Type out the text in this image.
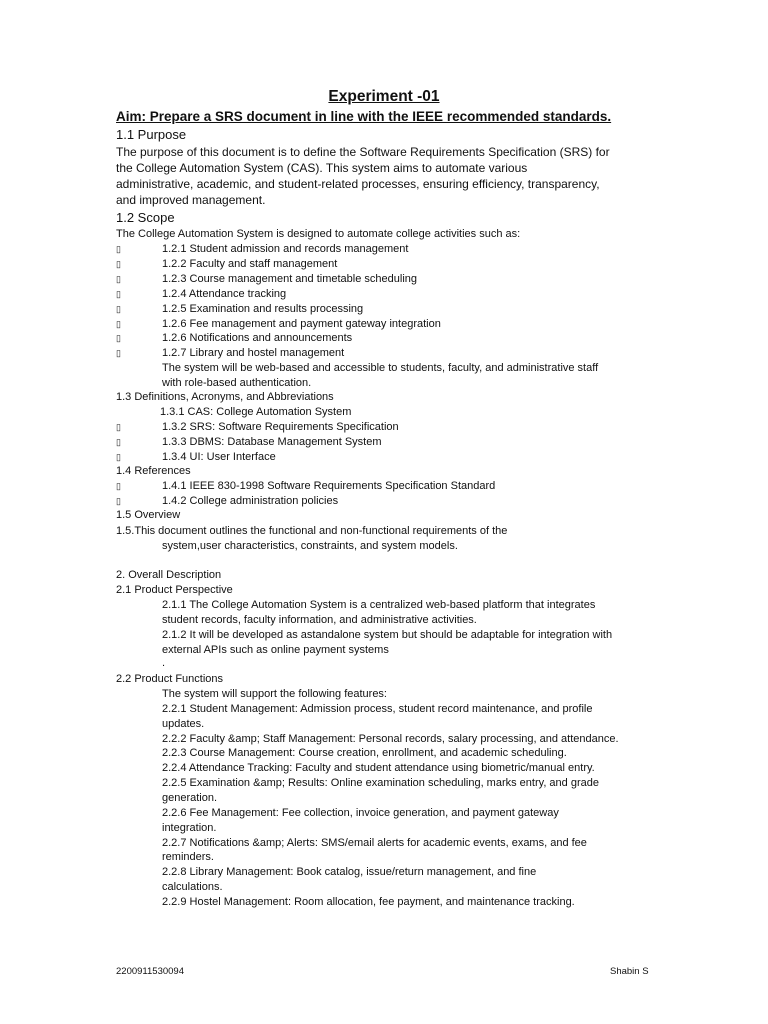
Experiment -01
Aim: Prepare a SRS document in line with the IEEE recommended standards.
1.1 Purpose
The purpose of this document is to define the Software Requirements Specification (SRS) for
the College Automation System (CAS). This system aims to automate various
administrative, academic, and student-related processes, ensuring efficiency, transparency,
and improved management.
1.2 Scope
The College Automation System is designed to automate college activities such as:
▯	1.2.1 Student admission and records management
▯	1.2.2 Faculty and staff management
▯	1.2.3 Course management and timetable scheduling
▯	1.2.4 Attendance tracking
▯	1.2.5 Examination and results processing
▯	1.2.6 Fee management and payment gateway integration
▯	1.2.6 Notifications and announcements
▯	1.2.7 Library and hostel management
The system will be web-based and accessible to students, faculty, and administrative staff
with role-based authentication.
1.3 Definitions, Acronyms, and Abbreviations
1.3.1 CAS: College Automation System
▯	1.3.2 SRS: Software Requirements Specification
▯	1.3.3 DBMS: Database Management System
▯	1.3.4 UI: User Interface
1.4 References
▯	1.4.1 IEEE 830-1998 Software Requirements Specification Standard
▯	1.4.2 College administration policies
1.5 Overview
1.5.This document outlines the functional and non-functional requirements of the
system,user characteristics, constraints, and system models.
2. Overall Description
2.1 Product Perspective
2.1.1 The College Automation System is a centralized web-based platform that integrates
student records, faculty information, and administrative activities.
2.1.2 It will be developed as astandalone system but should be adaptable for integration with
external APIs such as online payment systems
.
2.2 Product Functions
The system will support the following features:
2.2.1 Student Management: Admission process, student record maintenance, and profile
updates.
2.2.2 Faculty &amp; Staff Management: Personal records, salary processing, and attendance.
2.2.3 Course Management: Course creation, enrollment, and academic scheduling.
2.2.4 Attendance Tracking: Faculty and student attendance using biometric/manual entry.
2.2.5 Examination &amp; Results: Online examination scheduling, marks entry, and grade
generation.
2.2.6 Fee Management: Fee collection, invoice generation, and payment gateway
integration.
2.2.7 Notifications &amp; Alerts: SMS/email alerts for academic events, exams, and fee
reminders.
2.2.8 Library Management: Book catalog, issue/return management, and fine
calculations.
2.2.9 Hostel Management: Room allocation, fee payment, and maintenance tracking.
2200911530094	Shabin S
